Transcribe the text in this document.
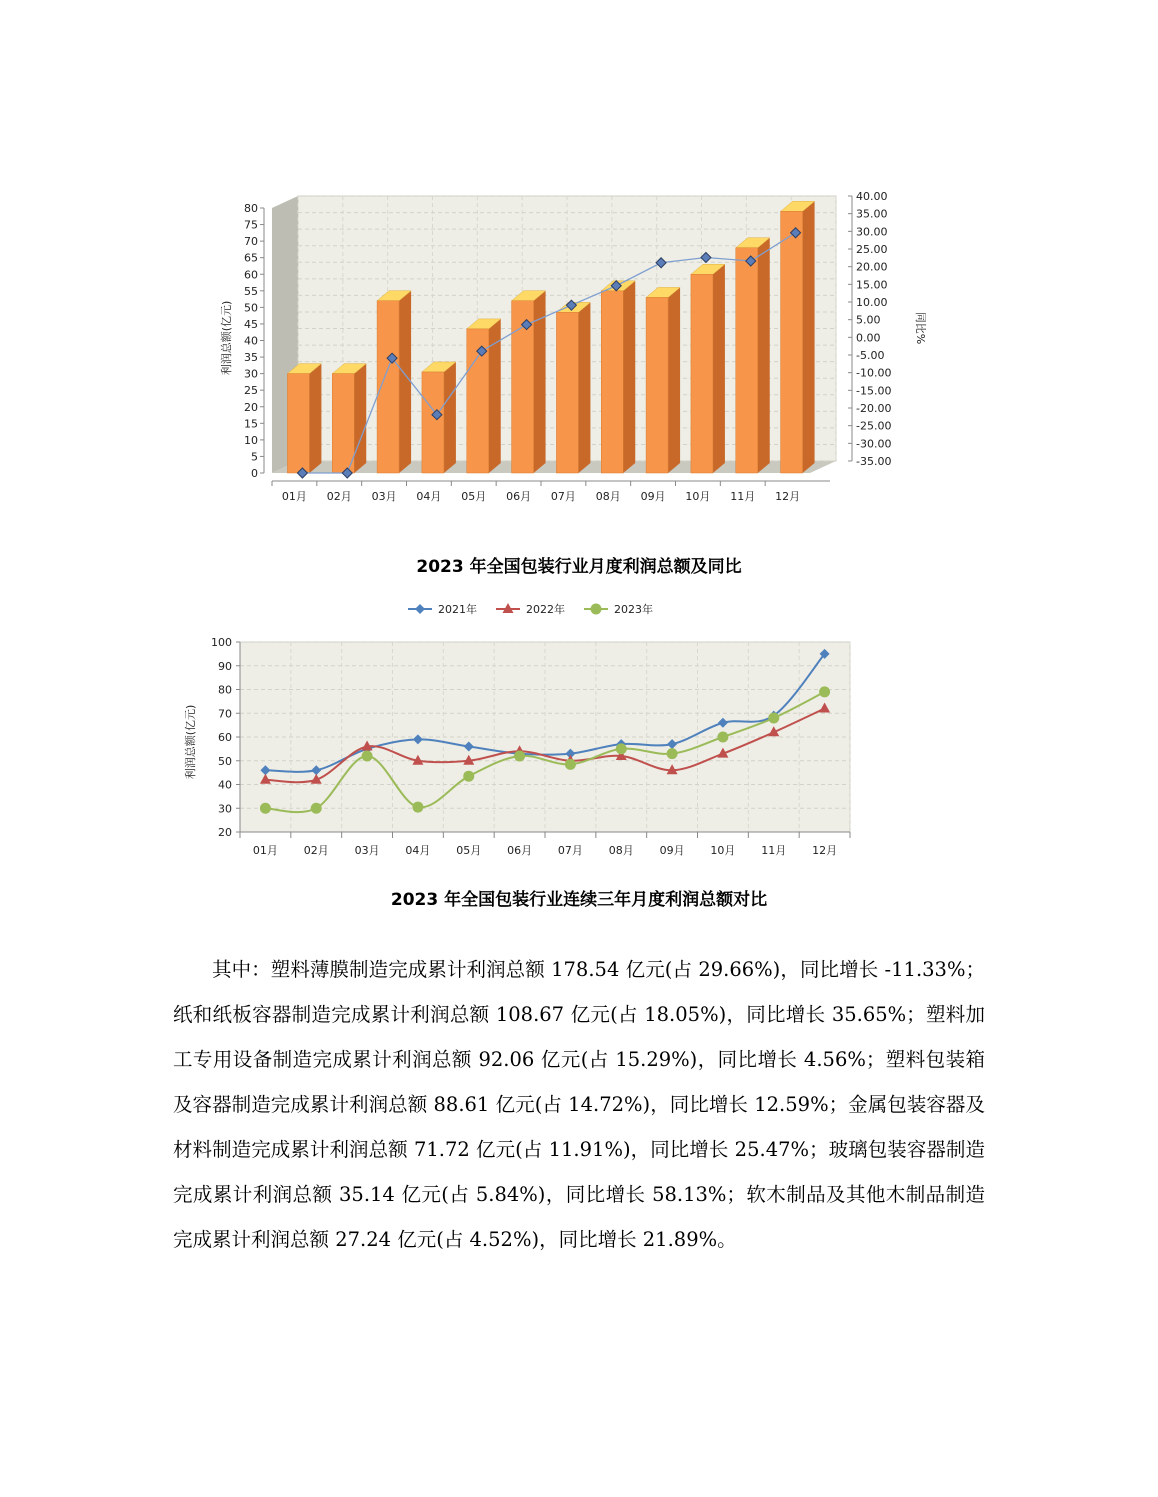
0
5
10
15
20
25
30
35
40
45
50
55
60
65
70
75
80
-35.00
-30.00
-25.00
-20.00
-15.00
-10.00
-5.00
0.00
5.00
10.00
15.00
20.00
25.00
30.00
35.00
40.00
01月 02月 03月 04月 05月 06月 07月 08月 09月 10月 11月 12月
利润总额(亿元)	同比%
2023 年全国包装行业月度利润总额及同比
2021年	2022年	2023年
20
30
40
50
60
70
80
90
100
01月 02月 03月 04月 05月 06月 07月 08月 09月 10月 11月 12月
利润总额(亿元)
2023 年全国包装行业连续三年月度利润总额对比
其中：塑料薄膜制造完成累计利润总额 178.54 亿元(占 29.66%)，同比增长 -11.33%；纸和纸板容器制造完成累计利润总额 108.67 亿元(占 18.05%)，同比增长 35.65%；塑料加工专用设备制造完成累计利润总额 92.06 亿元(占 15.29%)，同比增长 4.56%；塑料包装箱及容器制造完成累计利润总额 88.61 亿元(占 14.72%)，同比增长 12.59%；金属包装容器及材料制造完成累计利润总额 71.72 亿元(占 11.91%)，同比增长 25.47%；玻璃包装容器制造完成累计利润总额 35.14 亿元(占 5.84%)，同比增长 58.13%；软木制品及其他木制品制造完成累计利润总额 27.24 亿元(占 4.52%)，同比增长 21.89%。
